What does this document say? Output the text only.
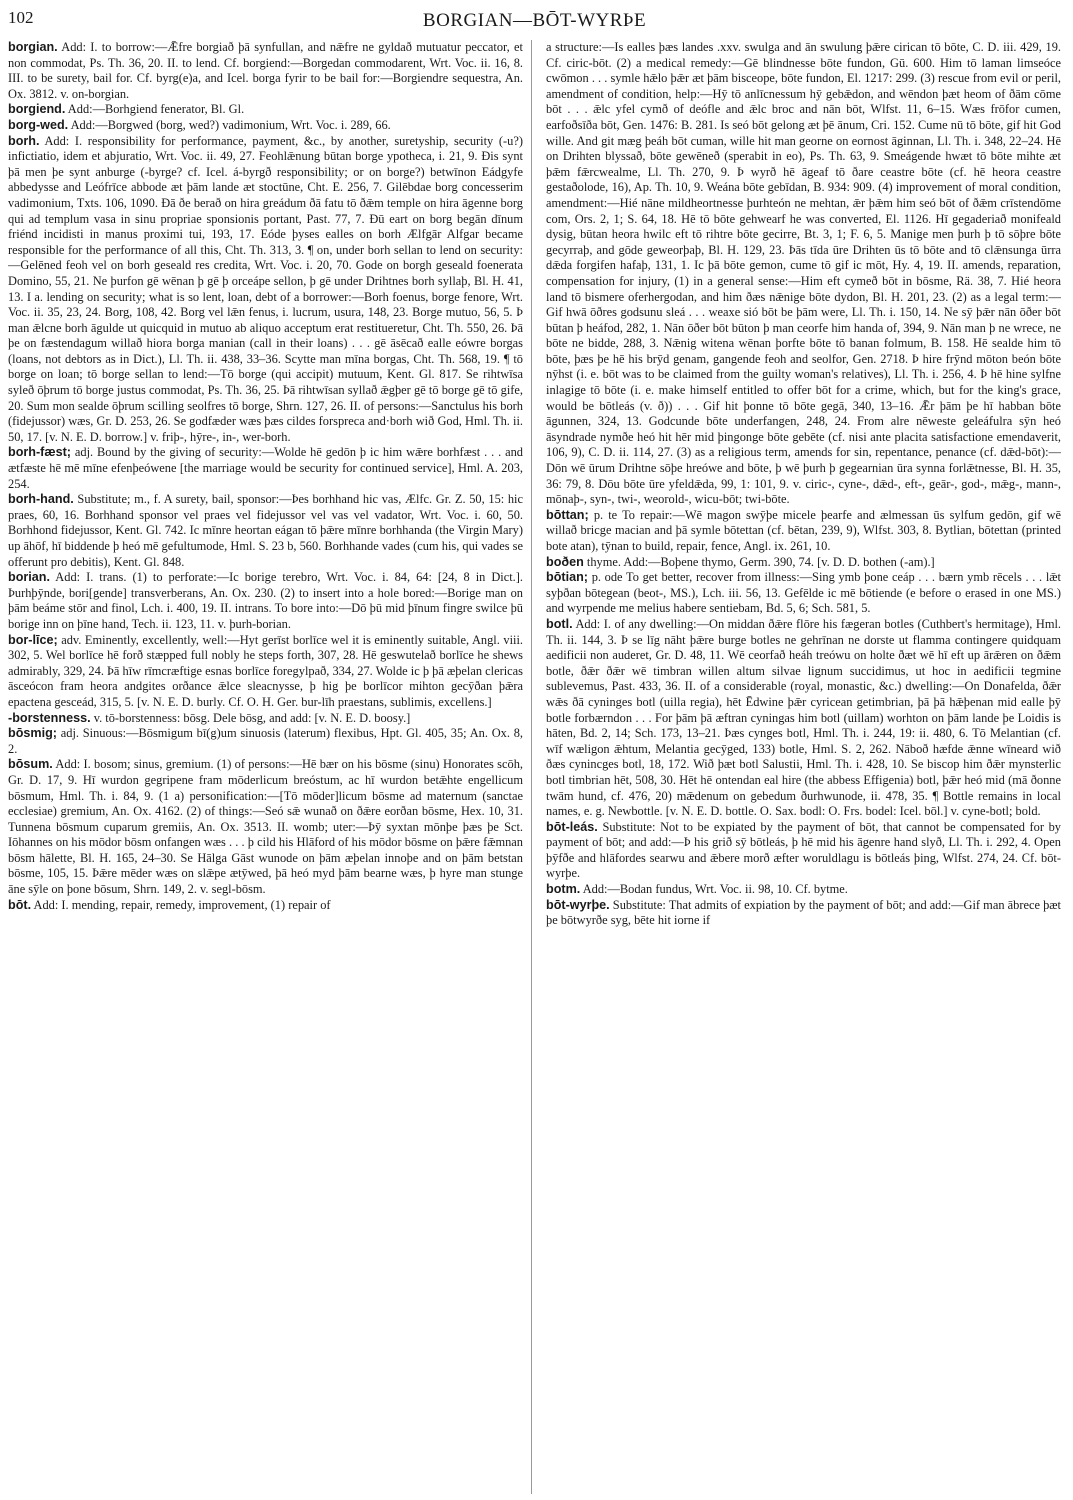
102	BORGIAN—BŌT-WYRÞE

borgian. Add: I. to borrow:—Ǣfre borgiað þā synfullan, and nǣfre ne gyldað mutuatur peccator, et non commodat, Ps. Th. 36, 20. II. to lend. Cf. borgiend:—Borgedan commodarent, Wrt. Voc. ii. 16, 8. III. to be surety, bail for. Cf. byrg(e)a, and Icel. borga fyrir to be bail for:—Borgiendre sequestra, An. Ox. 3812. v. on-borgian.

borgiend. Add:—Borhgiend fenerator, Bl. Gl.

borg-wed. Add:—Borgwed (borg, wed?) vadimonium, Wrt. Voc. i. 289, 66.

borh. Add: I. responsibility for performance, payment, &c., by another, suretyship, security (-u?) infictiatio, idem et abjuratio, Wrt. Voc. ii. 49, 27. Feohlǣnung būtan borge ypotheca, i. 21, 9. Ðis synt þā men þe synt anburge (-byrge? cf. Icel. á-byrgð responsibility; or on borge?) betwīnon Eádgyfe abbedysse and Leófrīce abbode æt þām lande æt stoctūne, Cht. E. 256, 7. Gilēbdae borg concesserim vadimonium, Txts. 106, 1090. Ðā ðe berað on hira greádum ðā fatu tō ðǣm temple on hira āgenne borg qui ad templum vasa in sinu propriae sponsionis portant, Past. 77, 7. Ðū eart on borg begān dīnum friénd incidisti in manus proximi tui, 193, 17. Eóde þyses ealles on borh Ælfgār Alfgar became responsible for the performance of all this, Cht. Th. 313, 3. ¶ on, under borh sellan to lend on security:—Gelēned feoh vel on borh geseald res credita, Wrt. Voc. i. 20, 70. Gode on borgh geseald foenerata Domino, 55, 21. Ne þurfon gē wēnan þ gē þ orceápe sellon, þ gē under Drihtnes borh syllaþ, Bl. H. 41, 13. I a. lending on security; what is so lent, loan, debt of a borrower:—Borh foenus, borge fenore, Wrt. Voc. ii. 35, 23, 24. Borg, 108, 42. Borg vel lǣn fenus, i. lucrum, usura, 148, 23. Borge mutuo, 56, 5. Þ man ǣlcne borh āgulde ut quicquid in mutuo ab aliquo acceptum erat restitueretur, Cht. Th. 550, 26. Þā þe on fæstendagum willað hiora borga manian (call in their loans) . . . gē āsēcað ealle eówre borgas (loans, not debtors as in Dict.), Ll. Th. ii. 438, 33–36. Scytte man mīna borgas, Cht. Th. 568, 19. ¶ tō borge on loan; tō borge sellan to lend:—Tō borge (qui accipit) mutuum, Kent. Gl. 817. Se rihtwīsa syleð ōþrum tō borge justus commodat, Ps. Th. 36, 25. Þā rihtwīsan syllað ǣgþer gē tō borge gē tō gife, 20. Sum mon sealde ōþrum scilling seolfres tō borge, Shrn. 127, 26. II. of persons:—Sanctulus his borh (fidejussor) wæs, Gr. D. 253, 26. Se godfæder wæs þæs cildes forspreca and·borh wið God, Hml. Th. ii. 50, 17. [v. N. E. D. borrow.] v. friþ-, hȳre-, in-, wer-borh.

borh-fæst; adj. Bound by the giving of security:—Wolde hē gedōn þ ic him wǣre borhfæst . . . and ætfæste hē mē mīne efenþeówene [the marriage would be security for continued service], Hml. A. 203, 254.

borh-hand. Substitute; m., f. A surety, bail, sponsor:—Þes borhhand hic vas, Ælfc. Gr. Z. 50, 15: hic praes, 60, 16. Borhhand sponsor vel praes vel fidejussor vel vas vel vadator, Wrt. Voc. i. 60, 50. Borhhond fidejussor, Kent. Gl. 742. Ic mīnre heortan eágan tō þǣre mīnre borhhanda (the Virgin Mary) up āhōf, hī biddende þ heó mē gefultumode, Hml. S. 23 b, 560. Borhhande vades (cum his, qui vades se offerunt pro debitis), Kent. Gl. 848.

borian. Add: I. trans. (1) to perforate:—Ic borige terebro, Wrt. Voc. i. 84, 64: [24, 8 in Dict.]. Þurhþȳnde, bori[gende] transverberans, An. Ox. 230. (2) to insert into a hole bored:—Borige man on þām beáme stōr and finol, Lch. i. 400, 19. II. intrans. To bore into:—Dō þū mid þīnum fingre swilce þū borige inn on þīne hand, Tech. ii. 123, 11. v. þurh-borian.

bor-līce; adv. Eminently, excellently, well:—Hyt gerīst borlīce wel it is eminently suitable, Angl. viii. 302, 5. Wel borlīce hē forð stæpped full nobly he steps forth, 307, 28. Hē geswutelað borlīce he shews admirably, 329, 24. Þā hīw rīmcræftige esnas borlīce foregylpað, 334, 27. Wolde ic þ þā æþelan clericas āsceócon fram heora andgites orðance ǣlce sleacnysse, þ hig þe borlīcor mihton gecȳðan þǣra epactena gesceád, 315, 5. [v. N. E. D. burly. Cf. O. H. Ger. bur-līh praestans, sublimis, excellens.]

-borstenness. v. tō-borstenness: bōsg. Dele bōsg, and add: [v. N. E. D. boosy.]

bōsmig; adj. Sinuous:—Bōsmigum bī(g)um sinuosis (laterum) flexibus, Hpt. Gl. 405, 35; An. Ox. 8, 2.

bōsum. Add: I. bosom; sinus, gremium. (1) of persons:—Hē bær on his bōsme (sinu) Honorates scōh, Gr. D. 17, 9. Hī wurdon gegripene fram mōderlicum breóstum, ac hī wurdon betǣhte engellicum bōsmum, Hml. Th. i. 84, 9. (1 a) personification:—[Tō mōder]licum bōsme ad maternum (sanctae ecclesiae) gremium, An. Ox. 4162. (2) of things:—Seó sǣ wunað on ðǣre eorðan bōsme, Hex. 10, 31. Tunnena bōsmum cuparum gremiis, An. Ox. 3513. II. womb; uter:—Þȳ syxtan mōnþe þæs þe Sct. Iōhannes on his mōdor bōsm onfangen wæs . . . þ cild his Hlāford of his mōdor bōsme on þǣre fǣmnan bōsm hālette, Bl. H. 165, 24–30. Se Hālga Gāst wunode on þām æþelan innoþe and on þām betstan bōsme, 105, 15. Þǣre mēder wæs on slǣpe ætȳwed, þā heó myd þām bearne wæs, þ hyre man stunge āne sȳle on þone bōsum, Shrn. 149, 2. v. segl-bōsm.

bōt. Add: I. mending, repair, remedy, improvement, (1) repair of

a structure:—Is ealles þæs landes .xxv. swulga and ān swulung þǣre cirican tō bōte, C. D. iii. 429, 19. Cf. ciric-bōt. (2) a medical remedy:—Gē blindnesse bōte fundon, Gū. 600. Him tō laman limseóce cwōmon . . . symle hǣlo þǣr æt þām bisceope, bōte fundon, El. 1217: 299. (3) rescue from evil or peril, amendment of condition, help:—Hȳ tō anlīcnessum hȳ gebǣdon, and wēndon þæt heom of ðām cōme bōt . . . ǣlc yfel cymð of deófle and ǣlc broc and nān bōt, Wlfst. 11, 6–15. Wæs frōfor cumen, earfoðsīða bōt, Gen. 1476: B. 281. Is seó bōt gelong æt þē ānum, Cri. 152. Cume nū tō bōte, gif hit God wille. And git mæg þeáh bōt cuman, wille hit man georne on eornost āginnan, Ll. Th. i. 348, 22–24. Hē on Drihten blyssað, bōte gewēneð (sperabit in eo), Ps. Th. 63, 9. Smeágende hwæt tō bōte mihte æt þǣm fǣrcwealme, Ll. Th. 270, 9. Þ wyrð hē āgeaf tō ðare ceastre bōte (cf. hē heora ceastre gestaðolode, 16), Ap. Th. 10, 9. Weána bōte gebīdan, B. 934: 909. (4) improvement of moral condition, amendment:—Hié nāne mildheortnesse þurhteón ne mehtan, ǣr þǣm him seó bōt of ðǣm crīstendōme com, Ors. 2, 1; S. 64, 18. Hē tō bōte gehwearf he was converted, El. 1126. Hī gegaderiað monifeald dysig, būtan heora hwilc eft tō rihtre bōte gecirre, Bt. 3, 1; F. 6, 5. Manige men þurh þ tō sōþre bōte gecyrraþ, and gōde geweorþaþ, Bl. H. 129, 23. Þās tīda ūre Drihten ūs tō bōte and tō clǣnsunga ūrra dǣda forgifen hafaþ, 131, 1. Ic þā bōte gemon, cume tō gif ic mōt, Hy. 4, 19. II. amends, reparation, compensation for injury, (1) in a general sense:—Him eft cymeð bōt in bōsme, Rä. 38, 7. Hié heora land tō bismere oferhergodan, and him ðæs nǣnige bōte dydon, Bl. H. 201, 23. (2) as a legal term:—Gif hwā ōðres godsunu sleá . . . weaxe sió bōt be þām were, Ll. Th. i. 150, 14. Ne sȳ þǣr nān ōðer bōt būtan þ heáfod, 282, 1. Nān ōðer bōt būton þ man ceorfe him handa of, 394, 9. Nān man þ ne wrece, ne bōte ne bidde, 288, 3. Nǣnig witena wēnan þorfte bōte tō banan folmum, B. 158. Hē sealde him tō bōte, þæs þe hē his brȳd genam, gangende feoh and seolfor, Gen. 2718. Þ hire frȳnd mōton beón bōte nȳhst (i. e. bōt was to be claimed from the guilty woman's relatives), Ll. Th. i. 256, 4. Þ hē hine sylfne inlagige tō bōte (i. e. make himself entitled to offer bōt for a crime, which, but for the king's grace, would be bōtleás (v. ð)) . . . Gif hit þonne tō bōte gegā, 340, 13–16. Ǣr þām þe hī habban bōte āgunnen, 324, 13. Godcunde bōte underfangen, 248, 24. From alre nēweste geleáfulra sȳn heó āsyndrade nymðe heó hit hēr mid þingonge bōte gebēte (cf. nisi ante placita satisfactione emendaverit, 106, 9), C. D. ii. 114, 27. (3) as a religious term, amends for sin, repentance, penance (cf. dǣd-bōt):—Dōn wē ūrum Drihtne sōþe hreówe and bōte, þ wē þurh þ gegearnian ūra synna forlǣtnesse, Bl. H. 35, 36: 79, 8. Dōu bōte ūre yfeldǣda, 99, 1: 101, 9. v. ciric-, cyne-, dǣd-, eft-, geār-, god-, mǣg-, mann-, mōnaþ-, syn-, twi-, weorold-, wicu-bōt; twi-bōte.

bōttan; p. te To repair:—Wē magon swȳþe micele þearfe and ælmessan ūs sylfum gedōn, gif wē willað bricge macian and þā symle bōtettan (cf. bētan, 239, 9), Wlfst. 303, 8. Bytlian, bōtettan (printed bote atan), tȳnan to build, repair, fence, Angl. ix. 261, 10.

boðen thyme. Add:—Boþene thymo, Germ. 390, 74. [v. D. D. bothen (-am).]

bōtian; p. ode To get better, recover from illness:—Sing ymb þone ceáp . . . bærn ymb rēcels . . . lǣt syþðan bōtegean (beot-, MS.), Lch. iii. 56, 13. Gefēlde ic mē bōtiende (e before o erased in one MS.) and wyrpende me melius habere sentiebam, Bd. 5, 6; Sch. 581, 5.

botl. Add: I. of any dwelling:—On middan ðǣre flōre his fægeran botles (Cuthbert's hermitage), Hml. Th. ii. 144, 3. Þ se līg nāht þǣre burge botles ne gehrīnan ne dorste ut flamma contingere quidquam aedificii non auderet, Gr. D. 48, 11. Wē ceorfað heáh treówu on holte ðæt wē hī eft up ārǣren on ðǣm botle, ðǣr ðǣr wē timbran willen altum silvae lignum succidimus, ut hoc in aedificii tegmine sublevemus, Past. 433, 36. II. of a considerable (royal, monastic, &c.) dwelling:—On Donafelda, ðǣr wǣs ðā cyninges botl (uilla regia), hēt Ēdwine þǣr cyricean getimbrian, þā þā hǣþenan mid ealle þȳ botle forbærndon . . . For þām þā æftran cyningas him botl (uillam) worhton on þām lande þe Loidis is hāten, Bd. 2, 14; Sch. 173, 13–21. Þæs cynges botl, Hml. Th. i. 244, 19: ii. 480, 6. Tō Melantian (cf. wīf wæligon ǣhtum, Melantia gecȳged, 133) botle, Hml. S. 2, 262. Nāboð hæfde ǣnne wīneard wið ðæs cynincges botl, 18, 172. Wið þæt botl Salustii, Hml. Th. i. 428, 10. Se biscop him ðǣr mynsterlic botl timbrian hēt, 508, 30. Hēt hē ontendan eal hire (the abbess Effigenia) botl, þǣr heó mid (mā ðonne twām hund, cf. 476, 20) mǣdenum on gebedum ðurhwunode, ii. 478, 35. ¶ Bottle remains in local names, e. g. Newbottle. [v. N. E. D. bottle. O. Sax. bodl: O. Frs. bodel: Icel. bōl.] v. cyne-botl; bold.

bōt-leás. Substitute: Not to be expiated by the payment of bōt, that cannot be compensated for by payment of bōt; and add:—Þ his grið sȳ bōtleás, þ hē mid his āgenre hand slyð, Ll. Th. i. 292, 4. Open þȳfðe and hlāfordes searwu and ǣbere morð æfter woruldlagu is bōtleás þing, Wlfst. 274, 24. Cf. bōt-wyrþe.

botm. Add:—Bodan fundus, Wrt. Voc. ii. 98, 10. Cf. bytme.

bōt-wyrþe. Substitute: That admits of expiation by the payment of bōt; and add:—Gif man ābrece þæt þe bōtwyrðe syg, bēte hit iorne if
